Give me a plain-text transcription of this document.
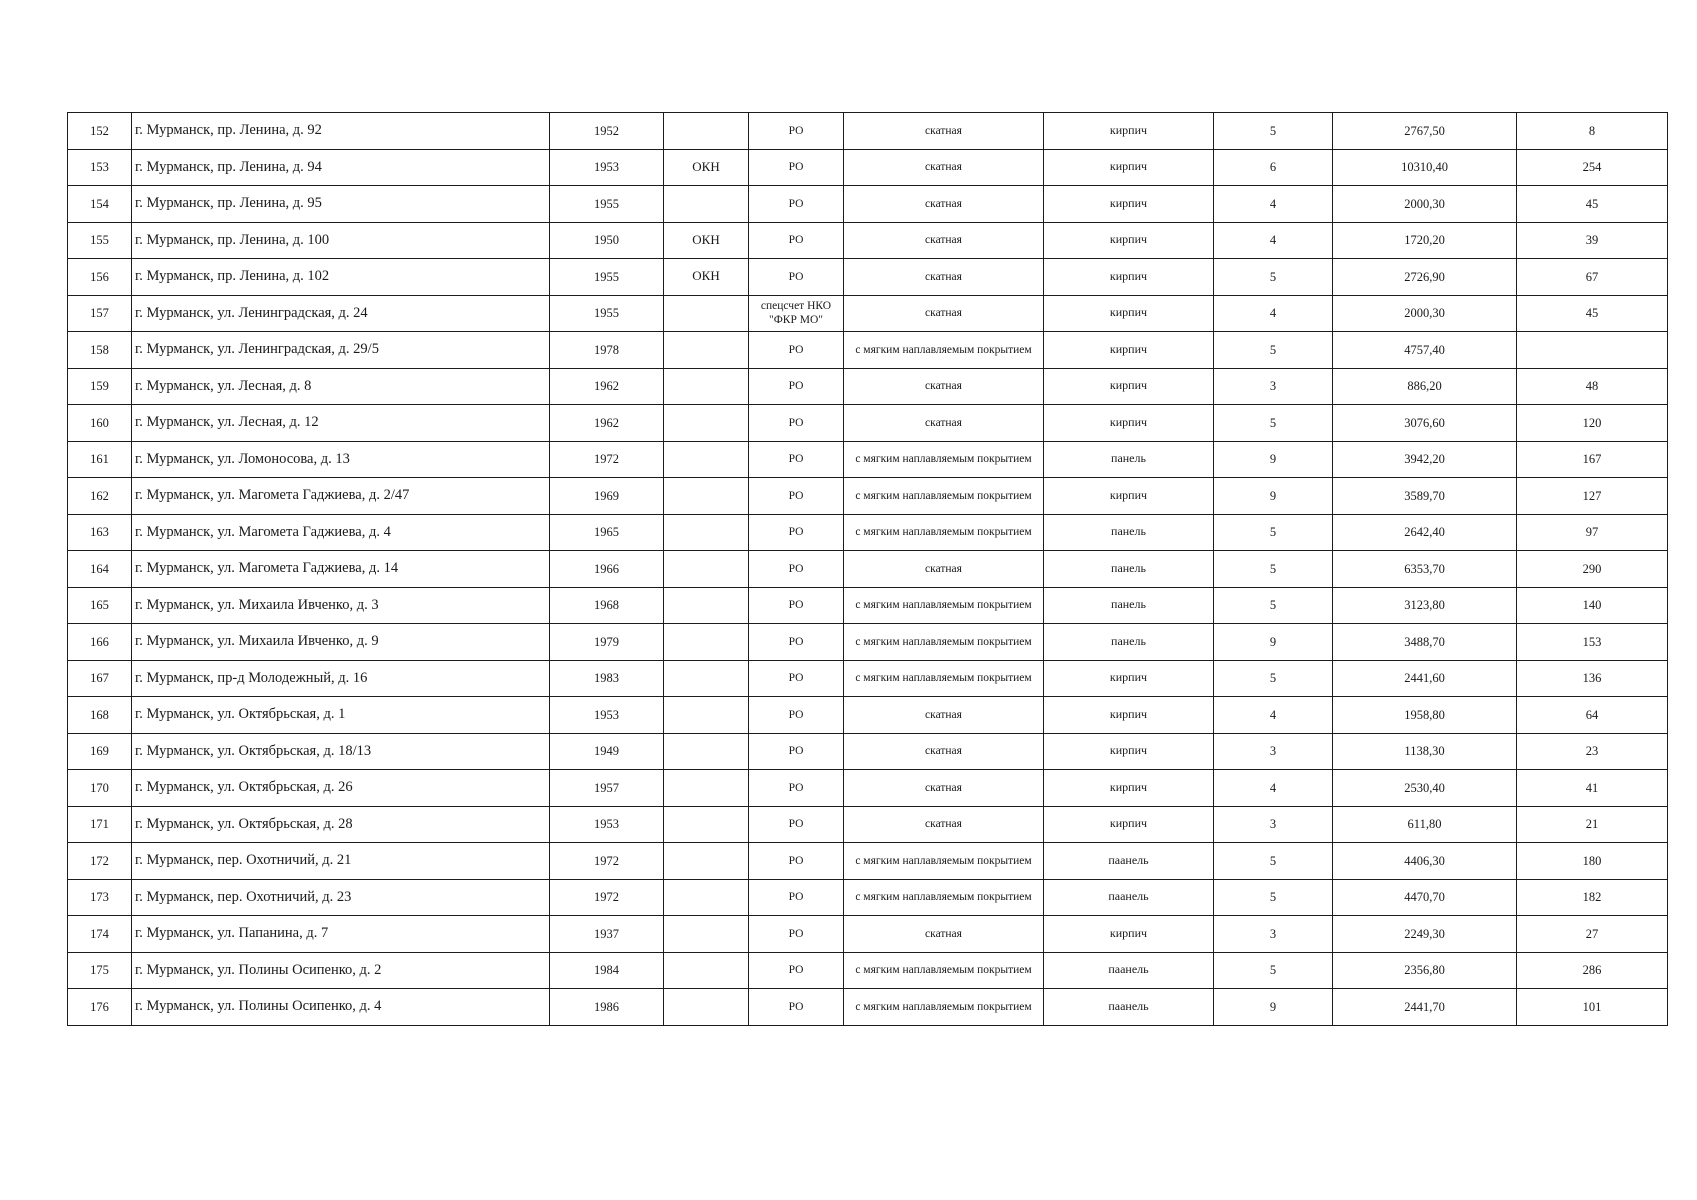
152	г. Мурманск, пр. Ленина, д. 92	1952		РО	скатная	кирпич	5	2767,50	8
153	г. Мурманск, пр. Ленина, д. 94	1953	ОКН	РО	скатная	кирпич	6	10310,40	254
154	г. Мурманск, пр. Ленина, д. 95	1955		РО	скатная	кирпич	4	2000,30	45
155	г. Мурманск, пр. Ленина, д. 100	1950	ОКН	РО	скатная	кирпич	4	1720,20	39
156	г. Мурманск, пр. Ленина, д. 102	1955	ОКН	РО	скатная	кирпич	5	2726,90	67
157	г. Мурманск, ул. Ленинградская, д. 24	1955		спецсчет НКО "ФКР МО"	скатная	кирпич	4	2000,30	45
158	г. Мурманск, ул. Ленинградская, д. 29/5	1978		РО	с мягким наплавляемым покрытием	кирпич	5	4757,40	
159	г. Мурманск, ул. Лесная, д. 8	1962		РО	скатная	кирпич	3	886,20	48
160	г. Мурманск, ул. Лесная, д. 12	1962		РО	скатная	кирпич	5	3076,60	120
161	г. Мурманск, ул. Ломоносова, д. 13	1972		РО	с мягким наплавляемым покрытием	панель	9	3942,20	167
162	г. Мурманск, ул. Магомета Гаджиева, д. 2/47	1969		РО	с мягким наплавляемым покрытием	кирпич	9	3589,70	127
163	г. Мурманск, ул. Магомета Гаджиева, д. 4	1965		РО	с мягким наплавляемым покрытием	панель	5	2642,40	97
164	г. Мурманск, ул. Магомета Гаджиева, д. 14	1966		РО	скатная	панель	5	6353,70	290
165	г. Мурманск, ул. Михаила Ивченко, д. 3	1968		РО	с мягким наплавляемым покрытием	панель	5	3123,80	140
166	г. Мурманск, ул. Михаила Ивченко, д. 9	1979		РО	с мягким наплавляемым покрытием	панель	9	3488,70	153
167	г. Мурманск, пр-д Молодежный, д. 16	1983		РО	с мягким наплавляемым покрытием	кирпич	5	2441,60	136
168	г. Мурманск, ул. Октябрьская, д. 1	1953		РО	скатная	кирпич	4	1958,80	64
169	г. Мурманск, ул. Октябрьская, д. 18/13	1949		РО	скатная	кирпич	3	1138,30	23
170	г. Мурманск, ул. Октябрьская, д. 26	1957		РО	скатная	кирпич	4	2530,40	41
171	г. Мурманск, ул. Октябрьская, д. 28	1953		РО	скатная	кирпич	3	611,80	21
172	г. Мурманск, пер. Охотничий, д. 21	1972		РО	с мягким наплавляемым покрытием	паанель	5	4406,30	180
173	г. Мурманск, пер. Охотничий, д. 23	1972		РО	с мягким наплавляемым покрытием	паанель	5	4470,70	182
174	г. Мурманск, ул. Папанина, д. 7	1937		РО	скатная	кирпич	3	2249,30	27
175	г. Мурманск, ул. Полины Осипенко, д. 2	1984		РО	с мягким наплавляемым покрытием	паанель	5	2356,80	286
176	г. Мурманск, ул. Полины Осипенко, д. 4	1986		РО	с мягким наплавляемым покрытием	паанель	9	2441,70	101
